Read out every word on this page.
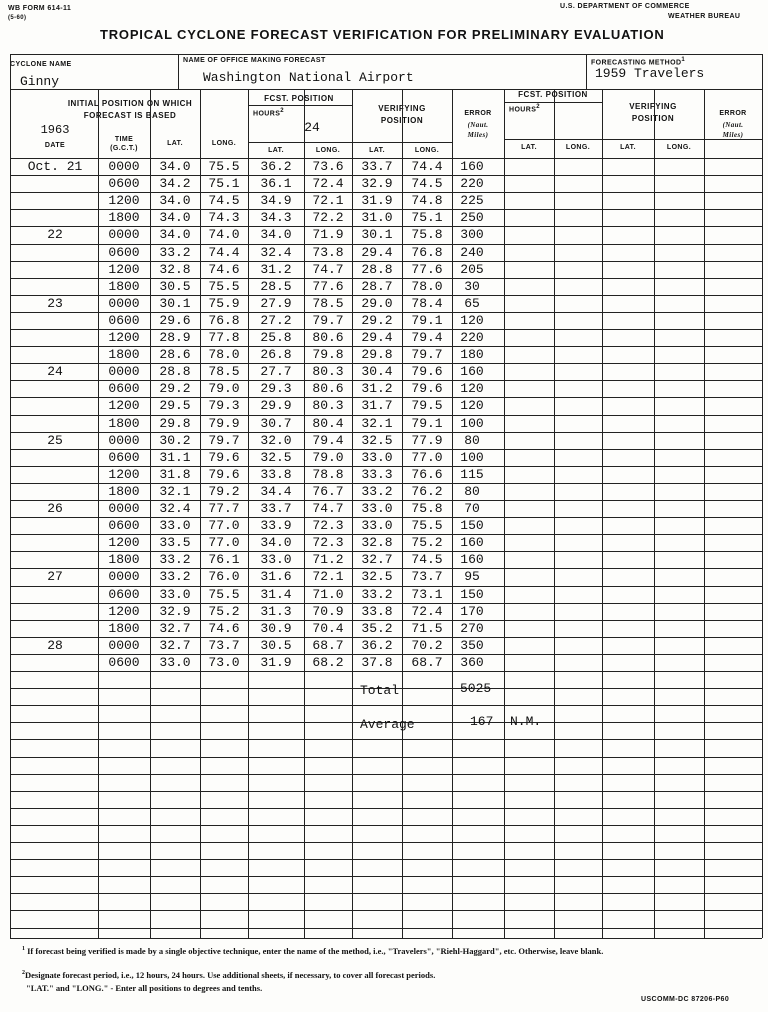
WB FORM 614-11
(5-60)
U.S. DEPARTMENT OF COMMERCE
WEATHER BUREAU
TROPICAL CYCLONE FORECAST VERIFICATION FOR PRELIMINARY EVALUATION
CYCLONE NAME
Ginny
NAME OF OFFICE MAKING FORECAST
Washington National Airport
FORECASTING METHOD$^1$
1959 Travelers
INITIAL POSITION ON WHICH
FORECAST IS BASED
1963
DATE
TIME
(G.C.T.)
LAT.	LONG.
FCST. POSITION
HOURS$^2$
24
LAT.	LONG.
VERIFYING
POSITION
LAT.	LONG.
ERROR
(Naut.
Miles)
FCST. POSITION
HOURS$^2$
LAT.	LONG.
VERIFYING
POSITION
LAT.	LONG.
ERROR
(Naut.
Miles)
Oct. 21	0000	34.0	75.5	36.2	73.6	33.7	74.4	160
0600	34.2	75.1	36.1	72.4	32.9	74.5	220
1200	34.0	74.5	34.9	72.1	31.9	74.8	225
1800	34.0	74.3	34.3	72.2	31.0	75.1	250
22	0000	34.0	74.0	34.0	71.9	30.1	75.8	300
0600	33.2	74.4	32.4	73.8	29.4	76.8	240
1200	32.8	74.6	31.2	74.7	28.8	77.6	205
1800	30.5	75.5	28.5	77.6	28.7	78.0	30
23	0000	30.1	75.9	27.9	78.5	29.0	78.4	65
0600	29.6	76.8	27.2	79.7	29.2	79.1	120
1200	28.9	77.8	25.8	80.6	29.4	79.4	220
1800	28.6	78.0	26.8	79.8	29.8	79.7	180
24	0000	28.8	78.5	27.7	80.3	30.4	79.6	160
0600	29.2	79.0	29.3	80.6	31.2	79.6	120
1200	29.5	79.3	29.9	80.3	31.7	79.5	120
1800	29.8	79.9	30.7	80.4	32.1	79.1	100
25	0000	30.2	79.7	32.0	79.4	32.5	77.9	80
0600	31.1	79.6	32.5	79.0	33.0	77.0	100
1200	31.8	79.6	33.8	78.8	33.3	76.6	115
1800	32.1	79.2	34.4	76.7	33.2	76.2	80
26	0000	32.4	77.7	33.7	74.7	33.0	75.8	70
0600	33.0	77.0	33.9	72.3	33.0	75.5	150
1200	33.5	77.0	34.0	72.3	32.8	75.2	160
1800	33.2	76.1	33.0	71.2	32.7	74.5	160
27	0000	33.2	76.0	31.6	72.1	32.5	73.7	95
0600	33.0	75.5	31.4	71.0	33.2	73.1	150
1200	32.9	75.2	31.3	70.9	33.8	72.4	170
1800	32.7	74.6	30.9	70.4	35.2	71.5	270
28	0000	32.7	73.7	30.5	68.7	36.2	70.2	350
0600	33.0	73.0	31.9	68.2	37.8	68.7	360
Total	5025
Average	167 N.M.
$^1$ If forecast being verified is made by a single objective technique, enter the name of the method, i.e., "Travelers", "Riehl-Haggard", etc. Otherwise, leave blank.
$^2$Designate forecast period, i.e., 12 hours, 24 hours. Use additional sheets, if necessary, to cover all forecast periods.
"LAT." and "LONG." - Enter all positions to degrees and tenths.
USCOMM-DC 87206-P60
